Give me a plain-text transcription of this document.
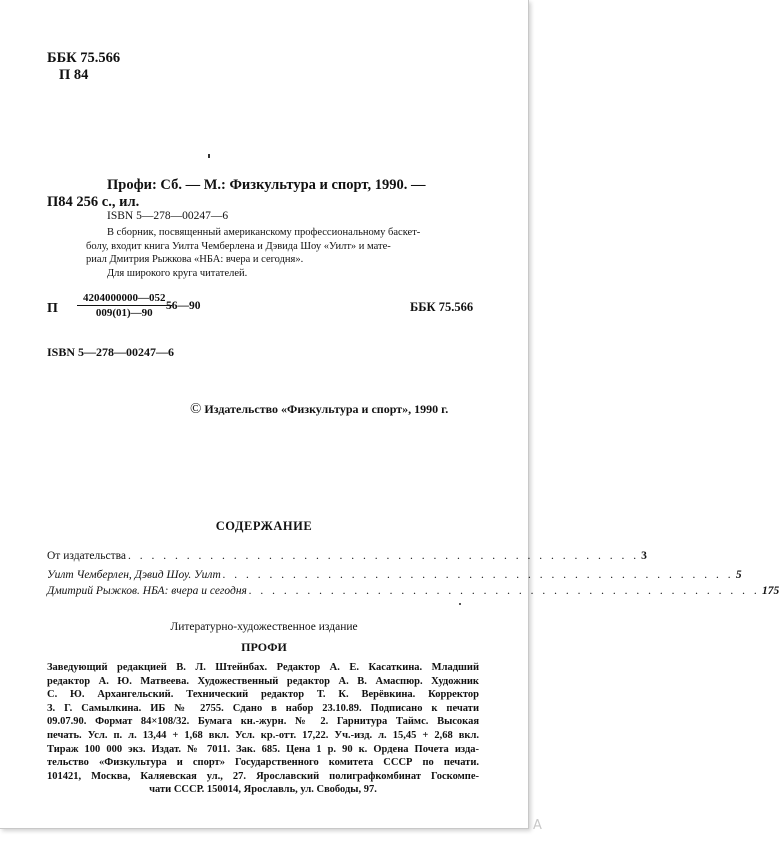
ББК 75.566
П 84
Профи: Сб. — М.: Физкультура и спорт, 1990. —
П84 256 с., ил.
ISBN 5—278—00247—6
В сборник, посвященный американскому профессиональному баскет-
болу, входит книга Уилта Чемберлена и Дэвида Шоу «Уилт» и мате-
риал Дмитрия Рыжкова «НБА: вчера и сегодня».
Для широкого круга читателей.
П $\frac{4204000000—052}{009(01)—90}$
56—90	ББК 75.566
ISBN 5—278—00247—6
© Издательство «Физкультура и спорт», 1990 г.
СОДЕРЖАНИЕ
От издательства . . . . . . . . . . . . . . . . . . . . . . . . . . . . . . . . . . . . . . . . . . . . 3
Уилт Чемберлен, Дэвид Шоу. Уилт . . . . . . . . . . . . . . . . . . . . . . . . . . . . . . . . . . . . . . . . . . . . 5
Дмитрий Рыжков. НБА: вчера и сегодня . . . . . . . . . . . . . . . . . . . . . . . . . . . . . . . . . . . . . . . . . . . . 175
Литературно-художественное издание
ПРОФИ
Заведующий редакцией В. Л. Штейнбах. Редактор А. Е. Касаткина. Младший
редактор А. Ю. Матвеева. Художественный редактор А. В. Амаспюр. Художник
С. Ю. Архангельский. Технический редактор Т. К. Верёвкина. Корректор
З. Г. Самылкина. ИБ № 2755. Сдано в набор 23.10.89. Подписано к печати
09.07.90. Формат 84×108/32. Бумага кн.-журн. № 2. Гарнитура Таймс. Высокая
печать. Усл. п. л. 13,44 + 1,68 вкл. Усл. кр.-отт. 17,22. Уч.-изд. л. 15,45 + 2,68 вкл.
Тираж 100 000 экз. Издат. № 7011. Зак. 685. Цена 1 р. 90 к. Ордена Почета изда-
тельство «Физкультура и спорт» Государственного комитета СССР по печати.
101421, Москва, Каляевская ул., 27. Ярославский полиграфкомбинат Госкомпе-
чати СССР. 150014, Ярославль, ул. Свободы, 97.
A
